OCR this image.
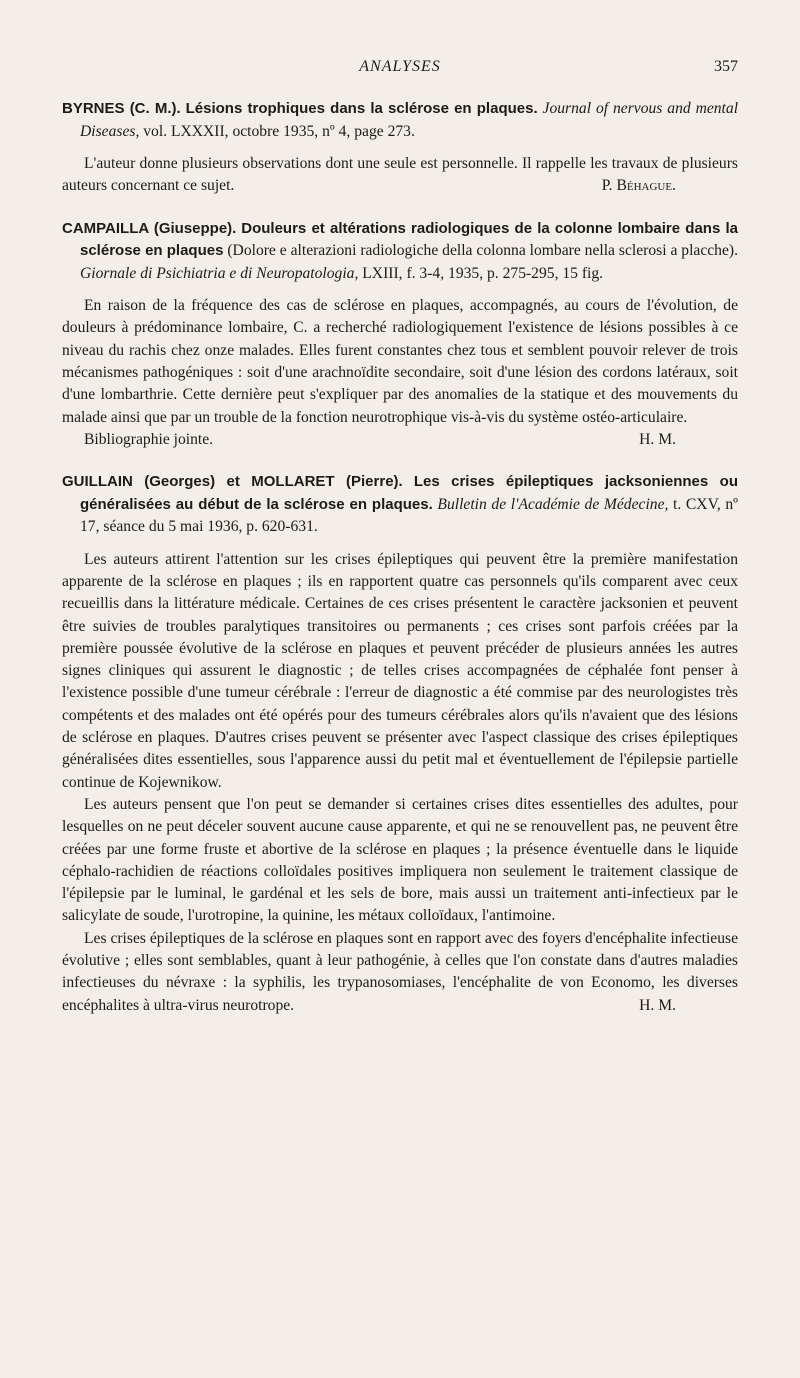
ANALYSES	357
BYRNES (C. M.). Lésions trophiques dans la sclérose en plaques. Journal of nervous and mental Diseases, vol. LXXXII, octobre 1935, nº 4, page 273.

L'auteur donne plusieurs observations dont une seule est personnelle. Il rappelle les travaux de plusieurs auteurs concernant ce sujet.	P. Béhague.

CAMPAILLA (Giuseppe). Douleurs et altérations radiologiques de la colonne lombaire dans la sclérose en plaques (Dolore e alterazioni radiologiche della colonna lombare nella sclerosi a placche). Giornale di Psichiatria e di Neuropatologia, LXIII, f. 3-4, 1935, p. 275-295, 15 fig.

En raison de la fréquence des cas de sclérose en plaques, accompagnés, au cours de l'évolution, de douleurs à prédominance lombaire, C. a recherché radiologiquement l'existence de lésions possibles à ce niveau du rachis chez onze malades. Elles furent constantes chez tous et semblent pouvoir relever de trois mécanismes pathogéniques : soit d'une arachnoïdite secondaire, soit d'une lésion des cordons latéraux, soit d'une lombarthrie. Cette dernière peut s'expliquer par des anomalies de la statique et des mouvements du malade ainsi que par un trouble de la fonction neurotrophique vis-à-vis du système ostéo-articulaire.

Bibliographie jointe.	H. M.
GUILLAIN (Georges) et MOLLARET (Pierre). Les crises épileptiques jacksoniennes ou généralisées au début de la sclérose en plaques. Bulletin de l'Académie de Médecine, t. CXV, nº 17, séance du 5 mai 1936, p. 620-631.

Les auteurs attirent l'attention sur les crises épileptiques qui peuvent être la première manifestation apparente de la sclérose en plaques ; ils en rapportent quatre cas personnels qu'ils comparent avec ceux recueillis dans la littérature médicale. Certaines de ces crises présentent le caractère jacksonien et peuvent être suivies de troubles paralytiques transitoires ou permanents ; ces crises sont parfois créées par la première poussée évolutive de la sclérose en plaques et peuvent précéder de plusieurs années les autres signes cliniques qui assurent le diagnostic ; de telles crises accompagnées de céphalée font penser à l'existence possible d'une tumeur cérébrale : l'erreur de diagnostic a été commise par des neurologistes très compétents et des malades ont été opérés pour des tumeurs cérébrales alors qu'ils n'avaient que des lésions de sclérose en plaques. D'autres crises peuvent se présenter avec l'aspect classique des crises épileptiques généralisées dites essentielles, sous l'apparence aussi du petit mal et éventuellement de l'épilepsie partielle continue de Kojewnikow.

Les auteurs pensent que l'on peut se demander si certaines crises dites essentielles des adultes, pour lesquelles on ne peut déceler souvent aucune cause apparente, et qui ne se renouvellent pas, ne peuvent être créées par une forme fruste et abortive de la sclérose en plaques ; la présence éventuelle dans le liquide céphalo-rachidien de réactions colloïdales positives impliquera non seulement le traitement classique de l'épilepsie par le luminal, le gardénal et les sels de bore, mais aussi un traitement anti-infectieux par le salicylate de soude, l'urotropine, la quinine, les métaux colloïdaux, l'antimoine.

Les crises épileptiques de la sclérose en plaques sont en rapport avec des foyers d'encéphalite infectieuse évolutive ; elles sont semblables, quant à leur pathogénie, à celles que l'on constate dans d'autres maladies infectieuses du névraxe : la syphilis, les trypanosomiases, l'encéphalite de von Economo, les diverses encéphalites à ultra-virus neurotrope.	H. M.
